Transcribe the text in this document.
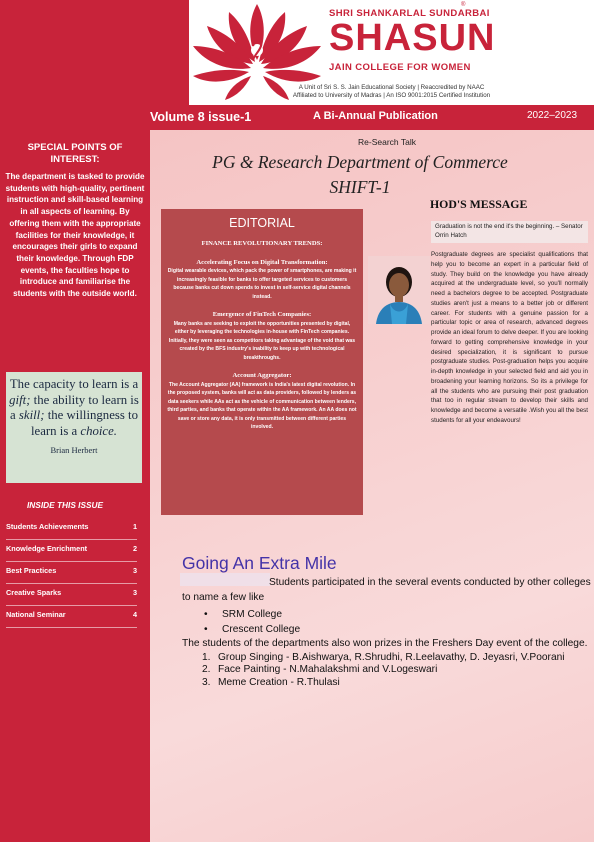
SHRI SHANKARLAL SUNDARBAI
®
SHASUN
JAIN COLLEGE FOR WOMEN
A Unit of Sri S. S. Jain Educational Society | Reaccredited by NAAC
Affiliated to University of Madras | An ISO 9001:2015 Certified Institution
Volume 8 issue-1	A Bi-Annual Publication	2022–2023
SPECIAL POINTS OF INTEREST:
The department is tasked to provide students with high-quality, pertinent instruction and skill-based learning in all aspects of learning. By offering them with the appropriate facilities for their knowledge, it encourages their girls to expand their knowledge. Through FDP events, the faculties hope to introduce and familiarise the students with the outside world.
The capacity to learn is a gift; the ability to learn is a skill; the willingness to learn is a choice.
Brian Herbert
INSIDE THIS ISSUE
Students Achievements	1
Knowledge Enrichment	2
Best Practices	3
Creative Sparks	3
National Seminar	4
Re-Search Talk
PG & Research Department of Commerce
SHIFT-1
EDITORIAL
FINANCE REVOLUTIONARY TRENDS:
Accelerating Focus on Digital Transformation:
Digital wearable devices, which pack the power of smartphones, are making it increasingly feasible for banks to offer targeted services to customers because banks cut down spends to invest in self-service digital channels instead.
Emergence of FinTech Companies:
Many banks are seeking to exploit the opportunities presented by digital, either by leveraging the technologies in-house with FinTech companies. Initially, they were seen as competitors taking advantage of the void that was created by the BFS industry's inability to keep up with technological breakthroughs.
Account Aggregator:
The Account Aggregator (AA) framework is India's latest digital revolution. In the proposed system, banks will act as data providers, followed by lenders as data seekers while AAs act as the vehicle of communication between lenders, third parties, and banks that operate within the AA framework. An AA does not save or store any data, it is only transmitted between different parties involved.
HOD'S MESSAGE
Graduation is not the end it's the beginning. – Senator Orrin Hatch
Postgraduate degrees are specialist qualifications that help you to become an expert in a particular field of study. They build on the knowledge you have already acquired at the undergraduate level, so you'll normally need a bachelors degree to be accepted. Postgraduate studies aren't just a means to a better job or different career. For students with a genuine passion for a particular topic or area of research, advanced degrees provide an ideal forum to delve deeper. If you are looking forward to getting comprehensive knowledge in your desired specialization, it is significant to pursue postgraduate studies. Post-graduation helps you acquire in-depth knowledge in your selected field and aid you in broadening your learning horizons. So its a privilege for all the students who are pursuing their post graduation that too in regular stream to develop their skills and knowledge and become a versatile .Wish you all the best students for all your endeavours!
Going An Extra Mile
Students participated in the several events conducted by other colleges to name a few like
• SRM College
• Crescent College
The students of the departments also won prizes in the Freshers Day event of the college.
1. Group Singing - B.Aishwarya, R.Shrudhi, R.Leelavathy, D. Jeyasri, V.Poorani
2. Face Painting - N.Mahalakshmi and V.Logeswari
3. Meme Creation - R.Thulasi
